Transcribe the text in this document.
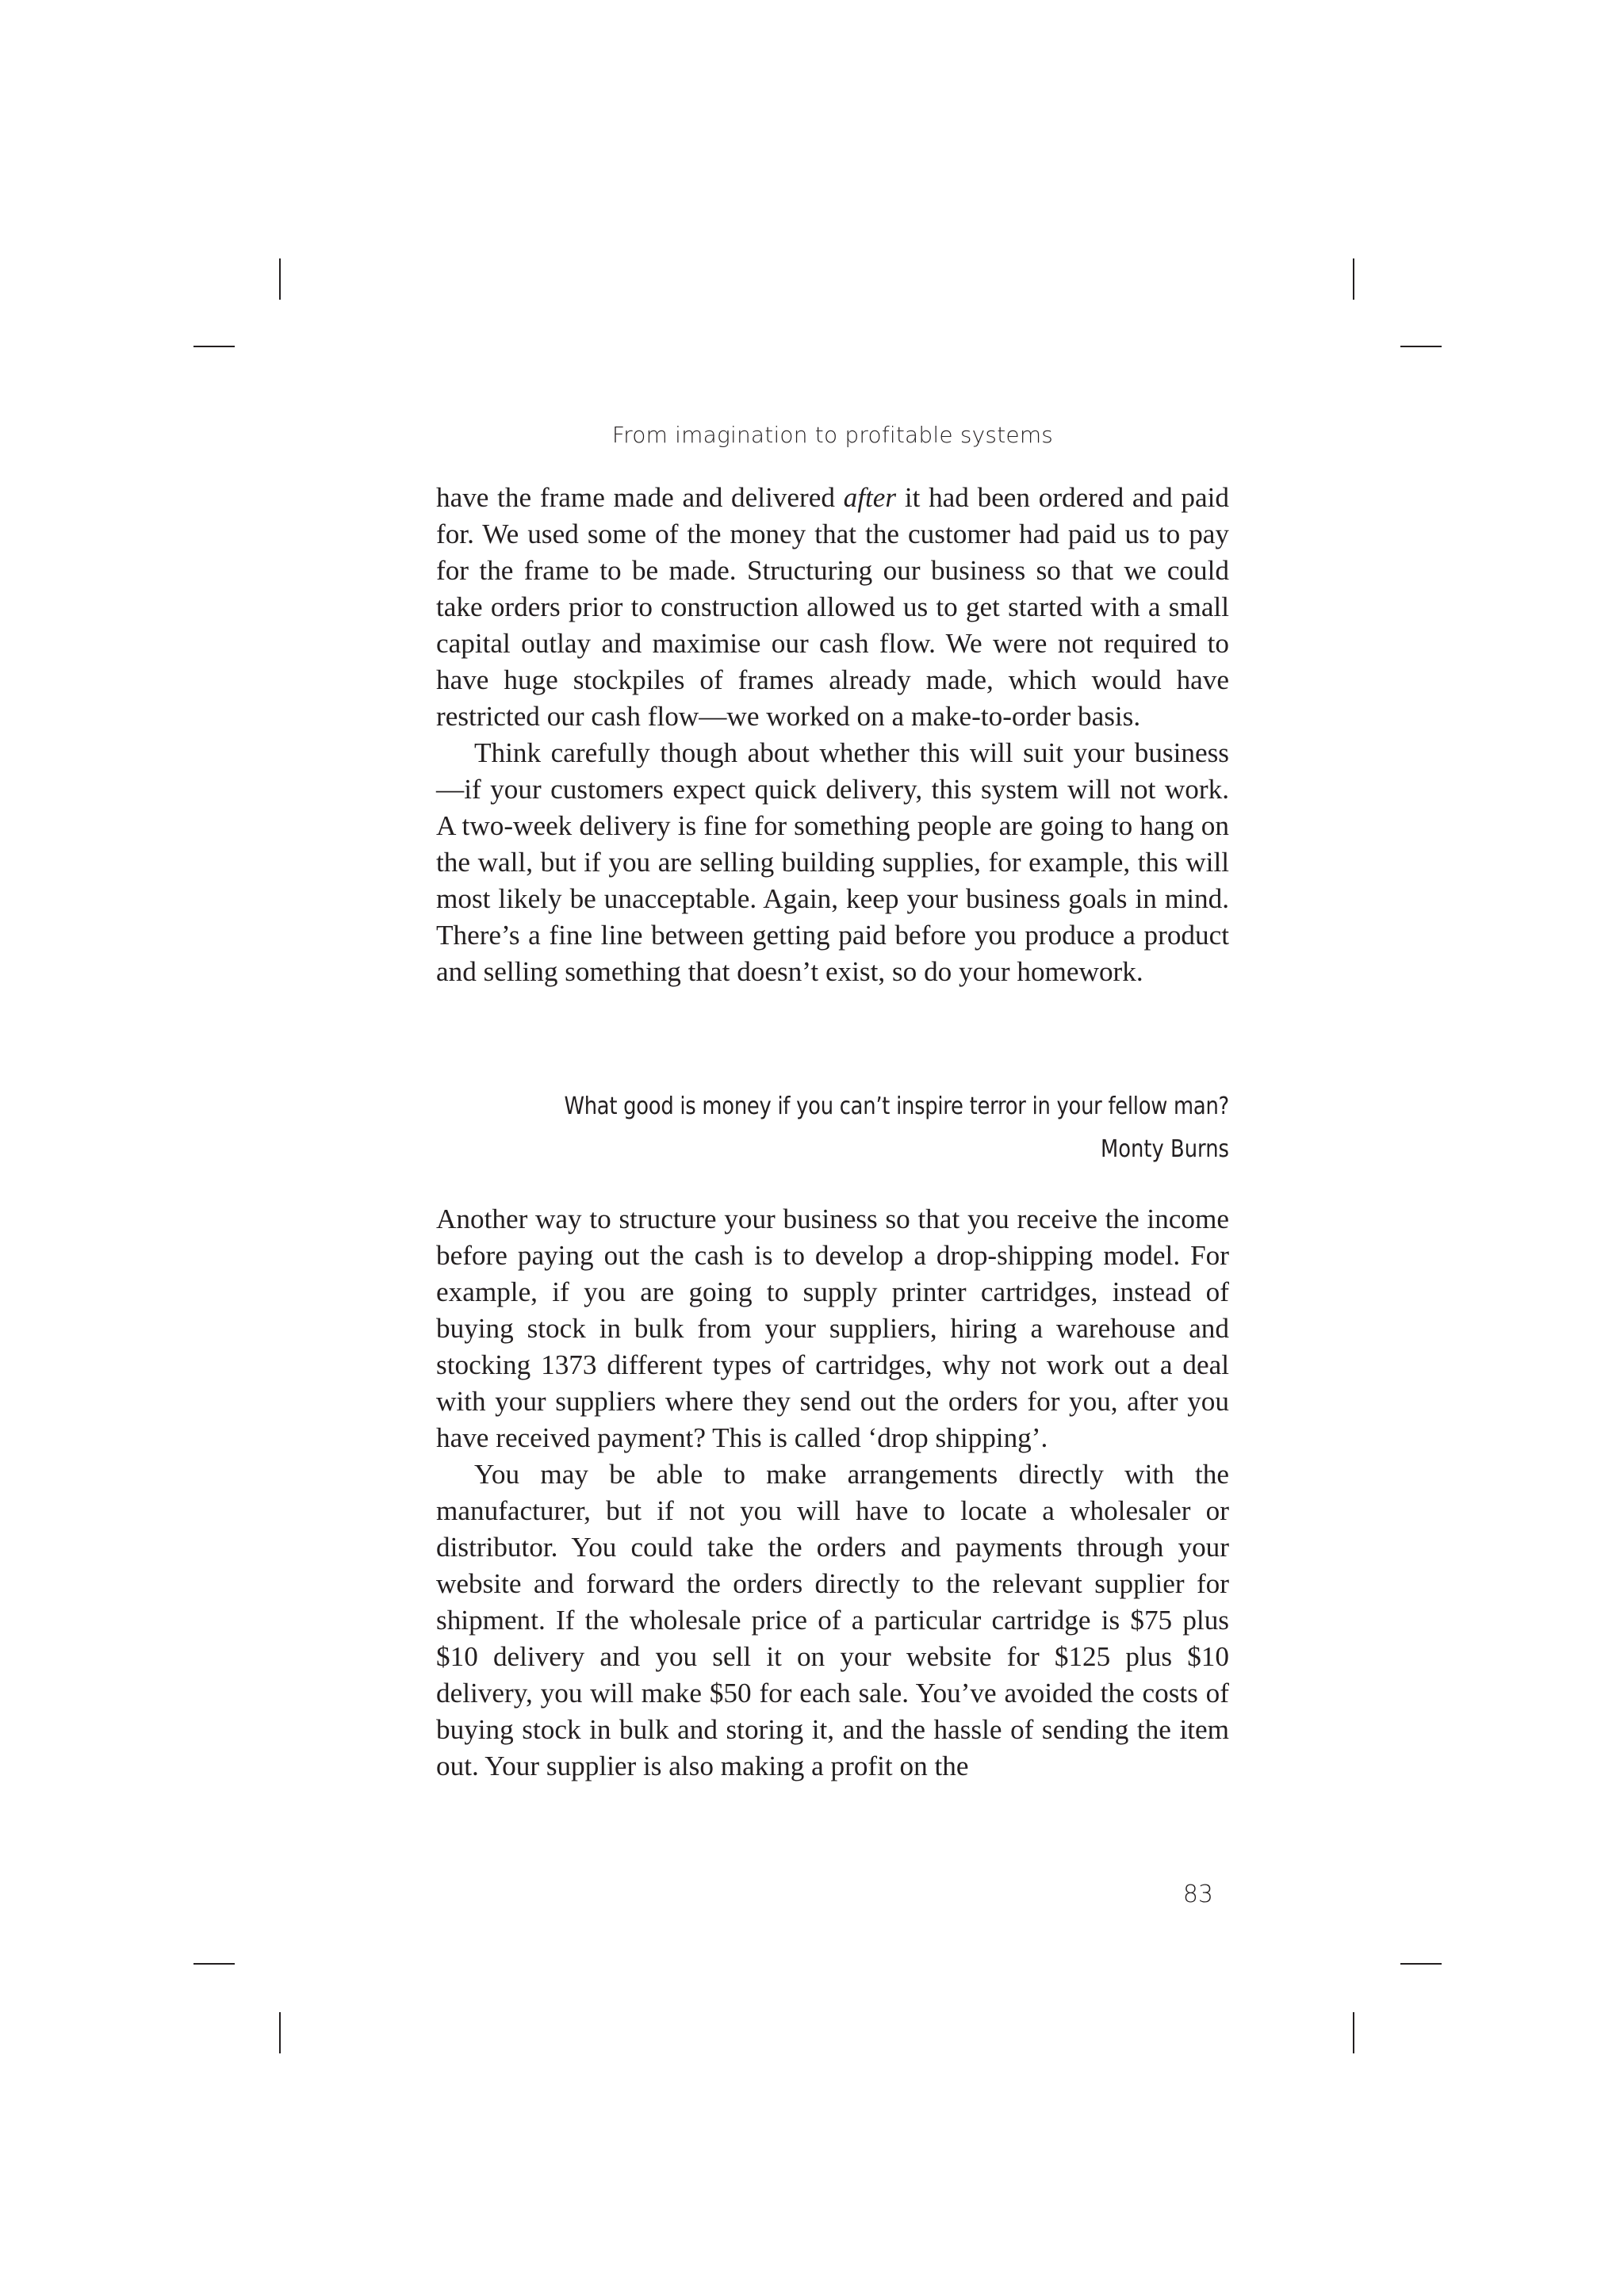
From imagination to profitable systems

have the frame made and delivered after it had been ordered and paid for. We used some of the money that the customer had paid us to pay for the frame to be made. Structuring our business so that we could take orders prior to construction allowed us to get started with a small capital outlay and maximise our cash flow. We were not required to have huge stockpiles of frames already made, which would have restricted our cash flow—we worked on a make-to-order basis.

Think carefully though about whether this will suit your business—if your customers expect quick delivery, this system will not work. A two-week delivery is fine for something people are going to hang on the wall, but if you are selling building supplies, for example, this will most likely be unacceptable. Again, keep your business goals in mind. There’s a fine line between getting paid before you produce a product and selling something that doesn’t exist, so do your homework.

What good is money if you can’t inspire terror in your fellow man?
Monty Burns

Another way to structure your business so that you receive the income before paying out the cash is to develop a drop-shipping model. For example, if you are going to supply printer cartridges, instead of buying stock in bulk from your suppliers, hiring a warehouse and stocking 1373 different types of cartridges, why not work out a deal with your suppliers where they send out the orders for you, after you have received payment? This is called ‘drop shipping’.

You may be able to make arrangements directly with the manufacturer, but if not you will have to locate a wholesaler or distributor. You could take the orders and payments through your website and forward the orders directly to the relevant supplier for shipment. If the wholesale price of a particular cartridge is $75 plus $10 delivery and you sell it on your website for $125 plus $10 delivery, you will make $50 for each sale. You’ve avoided the costs of buying stock in bulk and storing it, and the hassle of sending the item out. Your supplier is also making a profit on the

83
